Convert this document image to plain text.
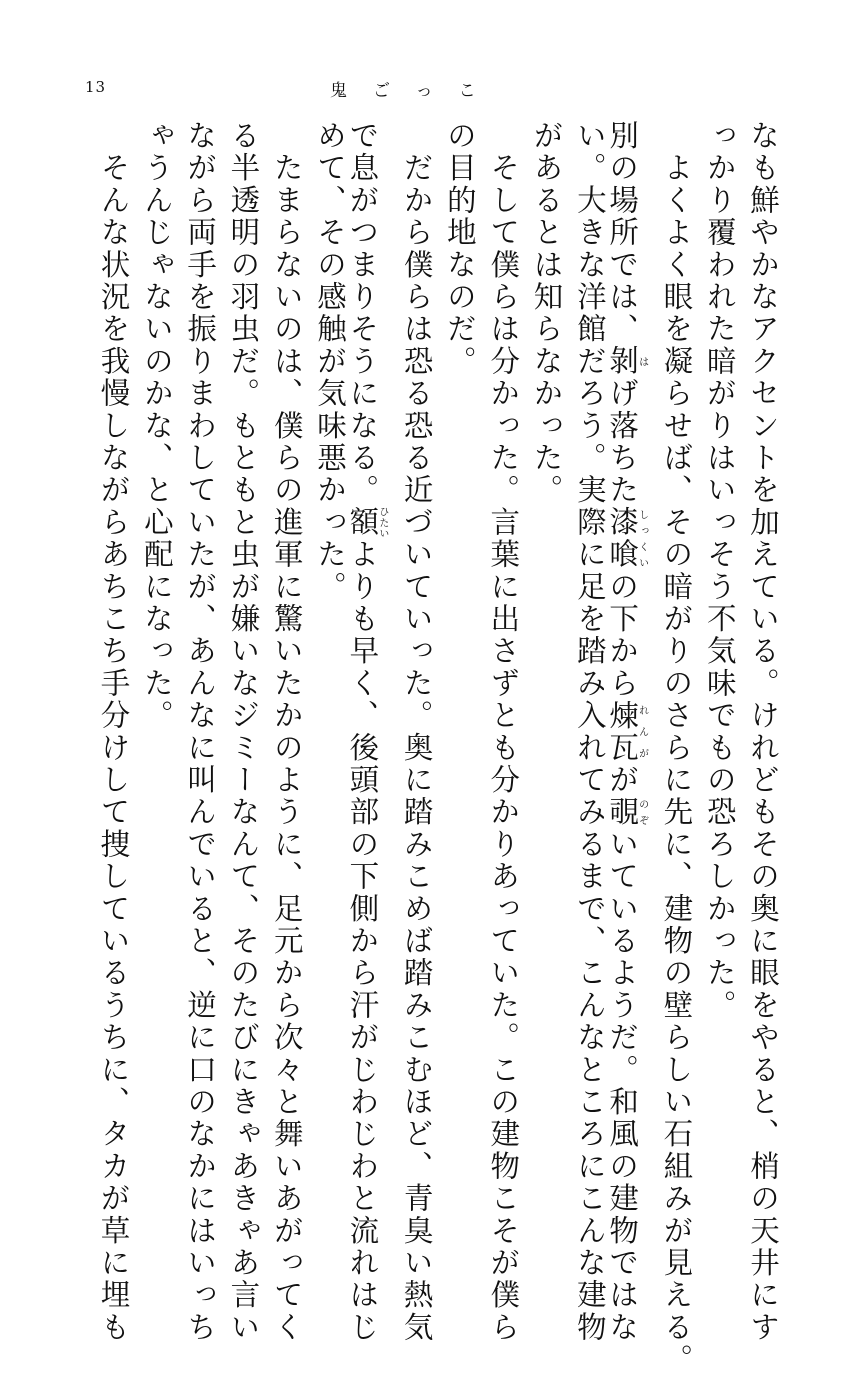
13	鬼ごっこ
なも鮮やかなアクセントを加えている。けれどもその奥に眼をやると、梢の天井にす
っかり覆われた暗がりはいっそう不気味でもの恐ろしかった。
　よくよく眼を凝らせば、その暗がりのさらに先に、建物の壁らしい石組みが見える。
別の場所では、剝はげ落ちた漆喰しっくいの下から煉瓦れんがが覗のぞいているようだ。和風の建物ではな
い。大きな洋館だろう。実際に足を踏み入れてみるまで、こんなところにこんな建物
があるとは知らなかった。
　そして僕らは分かった。言葉に出さずとも分かりあっていた。この建物こそが僕ら
の目的地なのだ。
　だから僕らは恐る恐る近づいていった。奥に踏みこめば踏みこむほど、青臭い熱気
で息がつまりそうになる。額ひたいよりも早く、後頭部の下側から汗がじわじわと流れはじ
めて、その感触が気味悪かった。
　たまらないのは、僕らの進軍に驚いたかのように、足元から次々と舞いあがってく
る半透明の羽虫だ。もともと虫が嫌いなジミーなんて、そのたびにきゃあきゃあ言い
ながら両手を振りまわしていたが、あんなに叫んでいると、逆に口のなかにはいっち
ゃうんじゃないのかな、と心配になった。
　そんな状況を我慢しながらあちこち手分けして捜しているうちに、タカが草に埋も
